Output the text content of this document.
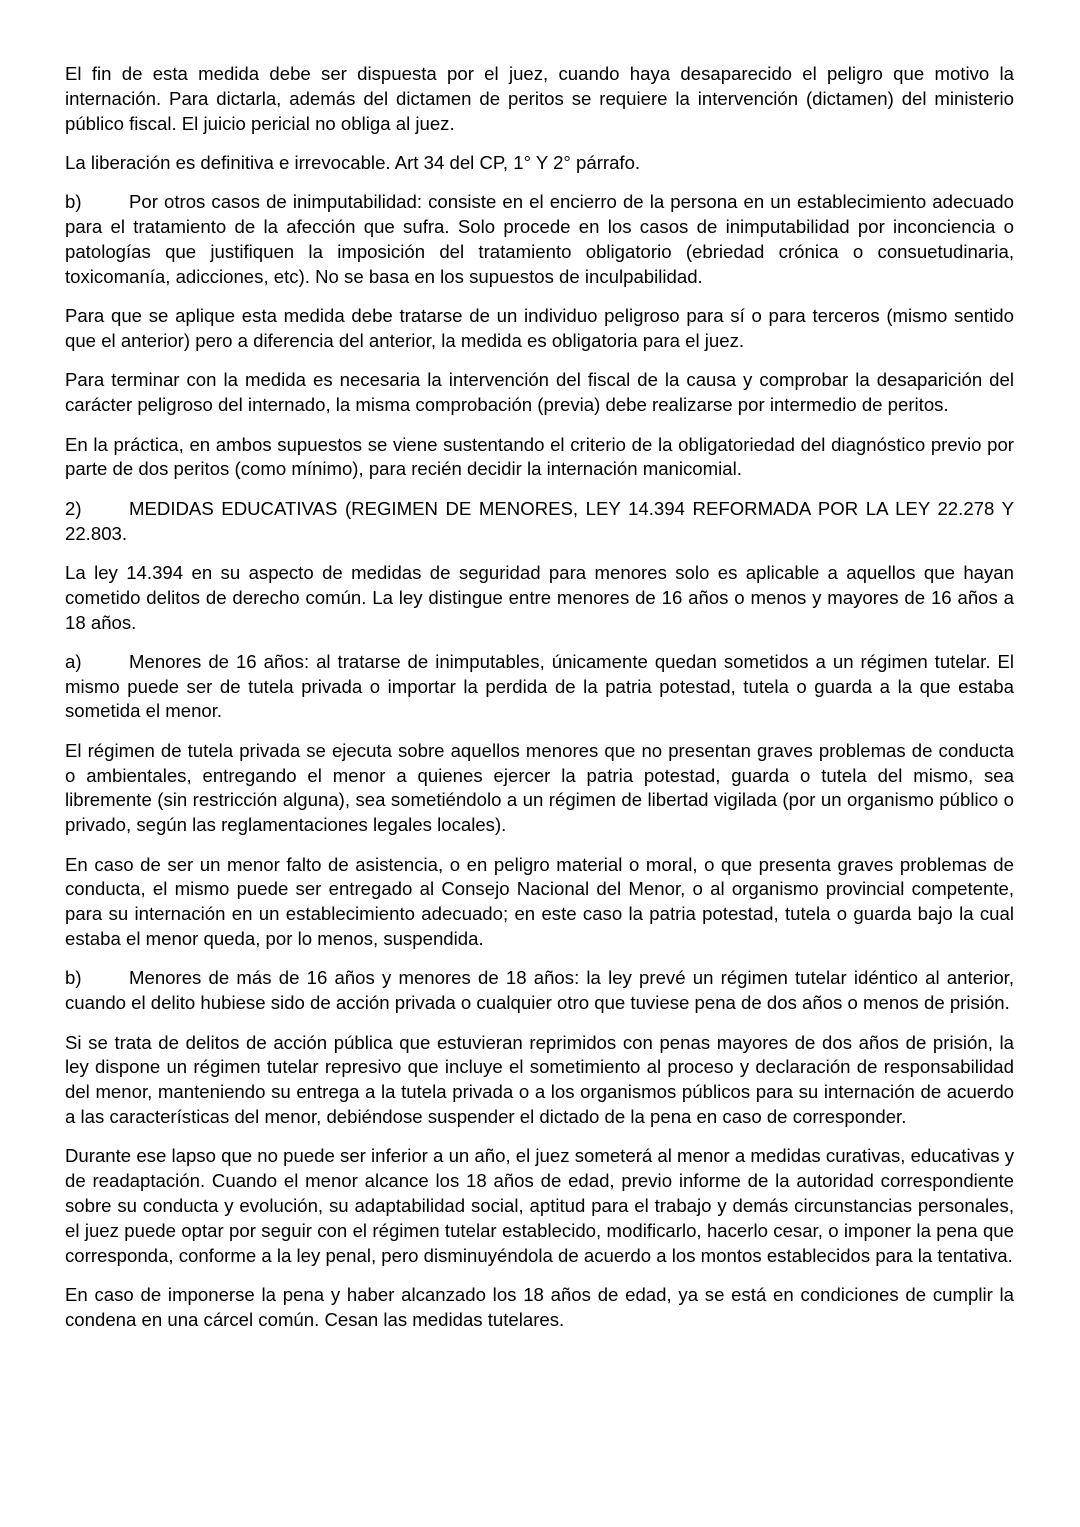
El fin de esta medida debe ser dispuesta por el juez, cuando haya desaparecido el peligro que motivo la internación. Para dictarla, además del dictamen de peritos se requiere la intervención (dictamen) del ministerio público fiscal. El juicio pericial no obliga al juez.

La liberación es definitiva e irrevocable. Art 34 del CP, 1° Y 2° párrafo.

b)	Por otros casos de inimputabilidad: consiste en el encierro de la persona en un establecimiento adecuado para el tratamiento de la afección que sufra. Solo procede en los casos de inimputabilidad por inconciencia o patologías que justifiquen la imposición del tratamiento obligatorio (ebriedad crónica o consuetudinaria, toxicomanía, adicciones, etc). No se basa en los supuestos de inculpabilidad.

Para que se aplique esta medida debe tratarse de un individuo peligroso para sí o para terceros (mismo sentido que el anterior) pero a diferencia del anterior, la medida es obligatoria para el juez.

Para terminar con la medida es necesaria la intervención del fiscal de la causa y comprobar la desaparición del carácter peligroso del internado, la misma comprobación (previa) debe realizarse por intermedio de peritos.

En la práctica, en ambos supuestos se viene sustentando el criterio de la obligatoriedad del diagnóstico previo por parte de dos peritos (como mínimo), para recién decidir la internación manicomial.

2)	MEDIDAS EDUCATIVAS (REGIMEN DE MENORES, LEY 14.394 REFORMADA POR LA LEY 22.278 Y 22.803.

La ley 14.394 en su aspecto de medidas de seguridad para menores solo es aplicable a aquellos que hayan cometido delitos de derecho común. La ley distingue entre menores de 16 años o menos y mayores de 16 años a 18 años.

a)	Menores de 16 años: al tratarse de inimputables, únicamente quedan sometidos a un régimen tutelar. El mismo puede ser de tutela privada o importar la perdida de la patria potestad, tutela o guarda a la que estaba sometida el menor.

El régimen de tutela privada se ejecuta sobre aquellos menores que no presentan graves problemas de conducta o ambientales, entregando el menor a quienes ejercer la patria potestad, guarda o tutela del mismo, sea libremente (sin restricción alguna), sea sometiéndolo a un régimen de libertad vigilada (por un organismo público o privado, según las reglamentaciones legales locales).

En caso de ser un menor falto de asistencia, o en peligro material o moral, o que presenta graves problemas de conducta, el mismo puede ser entregado al Consejo Nacional del Menor, o al organismo provincial competente, para su internación en un establecimiento adecuado; en este caso la patria potestad, tutela o guarda bajo la cual estaba el menor queda, por lo menos, suspendida.

b)	Menores de más de 16 años y menores de 18 años: la ley prevé un régimen tutelar idéntico al anterior, cuando el delito hubiese sido de acción privada o cualquier otro que tuviese pena de dos años o menos de prisión.

Si se trata de delitos de acción pública que estuvieran reprimidos con penas mayores de dos años de prisión, la ley dispone un régimen tutelar represivo que incluye el sometimiento al proceso y declaración de responsabilidad del menor, manteniendo su entrega a la tutela privada o a los organismos públicos para su internación de acuerdo a las características del menor, debiéndose suspender el dictado de la pena en caso de corresponder.

Durante ese lapso que no puede ser inferior a un año, el juez someterá al menor a medidas curativas, educativas y de readaptación. Cuando el menor alcance los 18 años de edad, previo informe de la autoridad correspondiente sobre su conducta y evolución, su adaptabilidad social, aptitud para el trabajo y demás circunstancias personales, el juez puede optar por seguir con el régimen tutelar establecido, modificarlo, hacerlo cesar, o imponer la pena que corresponda, conforme a la ley penal, pero disminuyéndola de acuerdo a los montos establecidos para la tentativa.

En caso de imponerse la pena y haber alcanzado los 18 años de edad, ya se está en condiciones de cumplir la condena en una cárcel común. Cesan las medidas tutelares.
